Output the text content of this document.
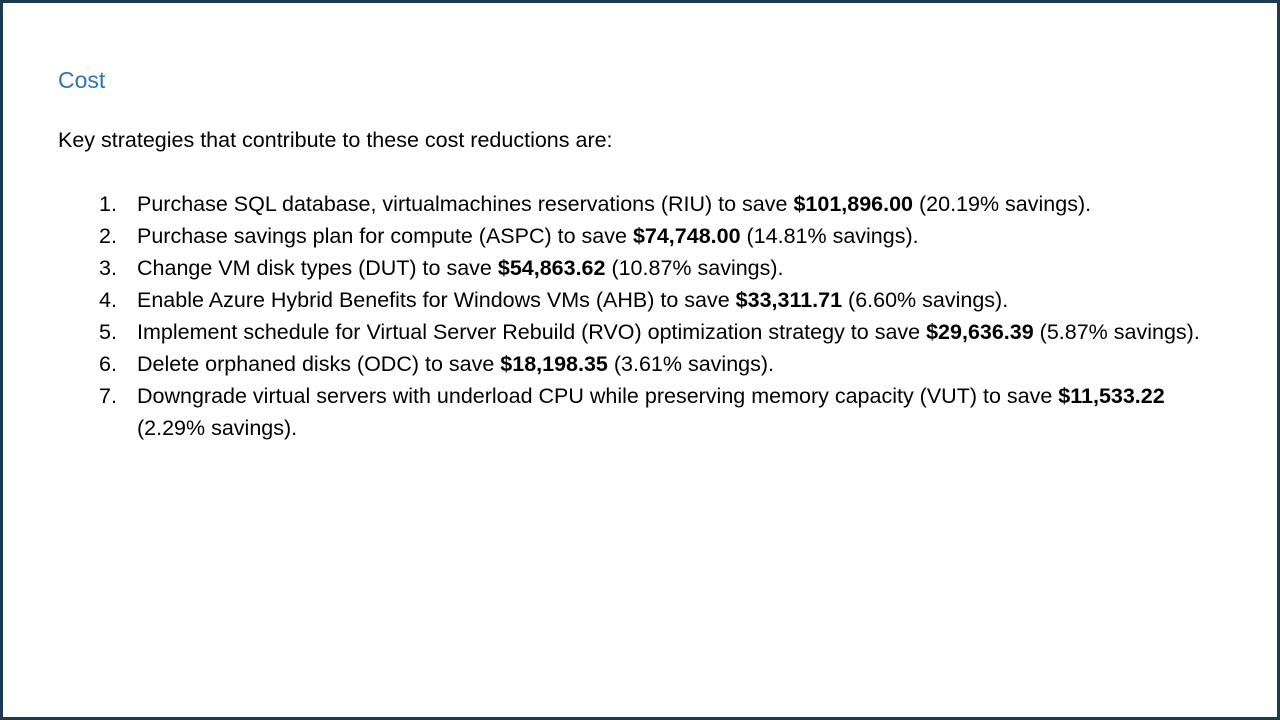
Cost
Key strategies that contribute to these cost reductions are:
1. Purchase SQL database, virtualmachines reservations (RIU) to save $101,896.00 (20.19% savings).
2. Purchase savings plan for compute (ASPC) to save $74,748.00 (14.81% savings).
3. Change VM disk types (DUT) to save $54,863.62 (10.87% savings).
4. Enable Azure Hybrid Benefits for Windows VMs (AHB) to save $33,311.71 (6.60% savings).
5. Implement schedule for Virtual Server Rebuild (RVO) optimization strategy to save $29,636.39 (5.87% savings).
6. Delete orphaned disks (ODC) to save $18,198.35 (3.61% savings).
7. Downgrade virtual servers with underload CPU while preserving memory capacity (VUT) to save $11,533.22 (2.29% savings).
